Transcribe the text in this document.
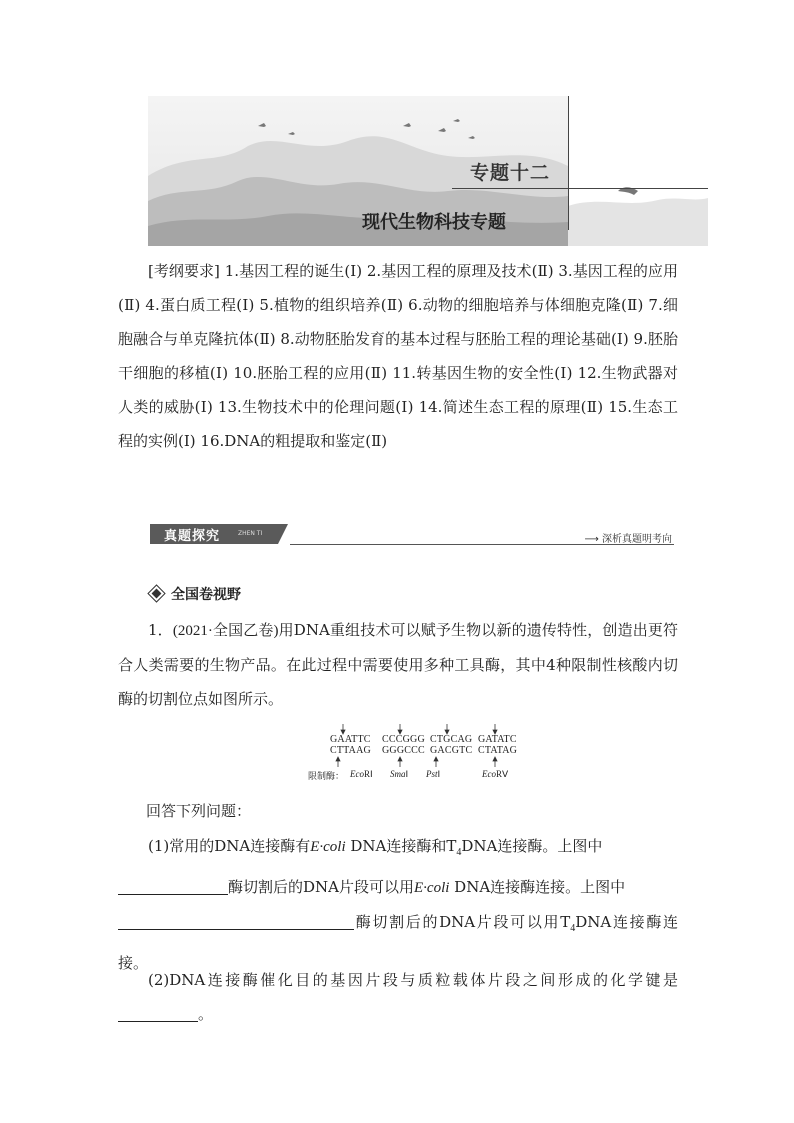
专题十二
现代生物科技专题
[考纲要求] 1.基因工程的诞生(Ⅰ) 2.基因工程的原理及技术(Ⅱ) 3.基因工程的应用(Ⅱ) 4.蛋白质工程(Ⅰ) 5.植物的组织培养(Ⅱ) 6.动物的细胞培养与体细胞克隆(Ⅱ) 7.细胞融合与单克隆抗体(Ⅱ) 8.动物胚胎发育的基本过程与胚胎工程的理论基础(Ⅰ) 9.胚胎干细胞的移植(Ⅰ) 10.胚胎工程的应用(Ⅱ) 11.转基因生物的安全性(Ⅰ) 12.生物武器对人类的威胁(Ⅰ) 13.生物技术中的伦理问题(Ⅰ) 14.简述生态工程的原理(Ⅱ) 15.生态工程的实例(Ⅰ) 16.DNA的粗提取和鉴定(Ⅱ)
真题探究	ZHEN TI
⟶ 深析真题明考向
全国卷视野
1．(2021·全国乙卷)用DNA重组技术可以赋予生物以新的遗传特性，创造出更符合人类需要的生物产品。在此过程中需要使用多种工具酶，其中4种限制性核酸内切酶的切割位点如图所示。
GAATTC CCCGGG CTGCAG GATATC
CTTAAG GGGCCC GACGTC CTATAG
限制酶： EcoRⅠ SmaⅠ PstⅠ	EcoRⅤ
回答下列问题：
(1)常用的DNA连接酶有E·coli DNA连接酶和$T_4DNA$连接酶。上图中
酶切割后的DNA片段可以用E·coli DNA连接酶连接。上图中
酶切割后的DNA片段可以用$T_4DNA$连接酶连接。
(2)DNA连接酶催化目的基因片段与质粒载体片段之间形成的化学键是。
